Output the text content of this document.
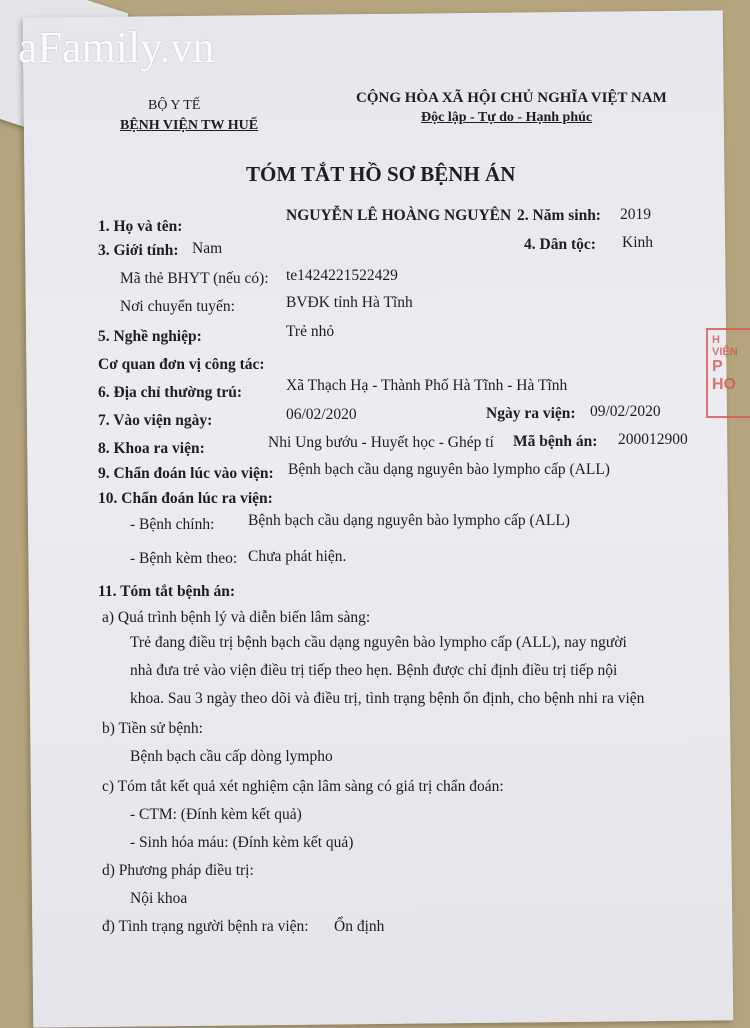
aFamily.vn
BỘ Y TẾ
BỆNH VIỆN TW HUẾ
CỘNG HÒA XÃ HỘI CHỦ NGHĨA VIỆT NAM
Độc lập - Tự do - Hạnh phúc
TÓM TẮT HỒ SƠ BỆNH ÁN
1. Họ và tên:
NGUYỄN LÊ HOÀNG NGUYÊN 2. Năm sinh: 2019
3. Giới tính: Nam	4. Dân tộc: Kinh
Mã thẻ BHYT (nếu có): te1424221522429
Nơi chuyển tuyến:	BVĐK tỉnh Hà Tĩnh
5. Nghề nghiệp:	Trẻ nhỏ
Cơ quan đơn vị công tác:
6. Địa chỉ thường trú:	Xã Thạch Hạ - Thành Phố Hà Tĩnh - Hà Tĩnh
7. Vào viện ngày:	06/02/2020	Ngày ra viện: 09/02/2020
8. Khoa ra viện:	Nhi Ung bướu - Huyết học - Ghép tí Mã bệnh án: 200012900
9. Chẩn đoán lúc vào viện: Bệnh bạch cầu dạng nguyên bào lympho cấp (ALL)
10. Chẩn đoán lúc ra viện:
- Bệnh chính: Bệnh bạch cầu dạng nguyên bào lympho cấp (ALL)
- Bệnh kèm theo: Chưa phát hiện.
11. Tóm tắt bệnh án:
a) Quá trình bệnh lý và diễn biến lâm sàng:
Trẻ đang điều trị bệnh bạch cầu dạng nguyên bào lympho cấp (ALL), nay người
nhà đưa trẻ vào viện điều trị tiếp theo hẹn. Bệnh được chỉ định điều trị tiếp nội
khoa. Sau 3 ngày theo dõi và điều trị, tình trạng bệnh ổn định, cho bệnh nhi ra viện
b) Tiền sử bệnh:
Bệnh bạch cầu cấp dòng lympho
c) Tóm tắt kết quả xét nghiệm cận lâm sàng có giá trị chẩn đoán:
- CTM: (Đính kèm kết quả)
- Sinh hóa máu: (Đính kèm kết quả)
d) Phương pháp điều trị:
Nội khoa
đ) Tình trạng người bệnh ra viện: Ổn định
H VIỆN
P
HO
